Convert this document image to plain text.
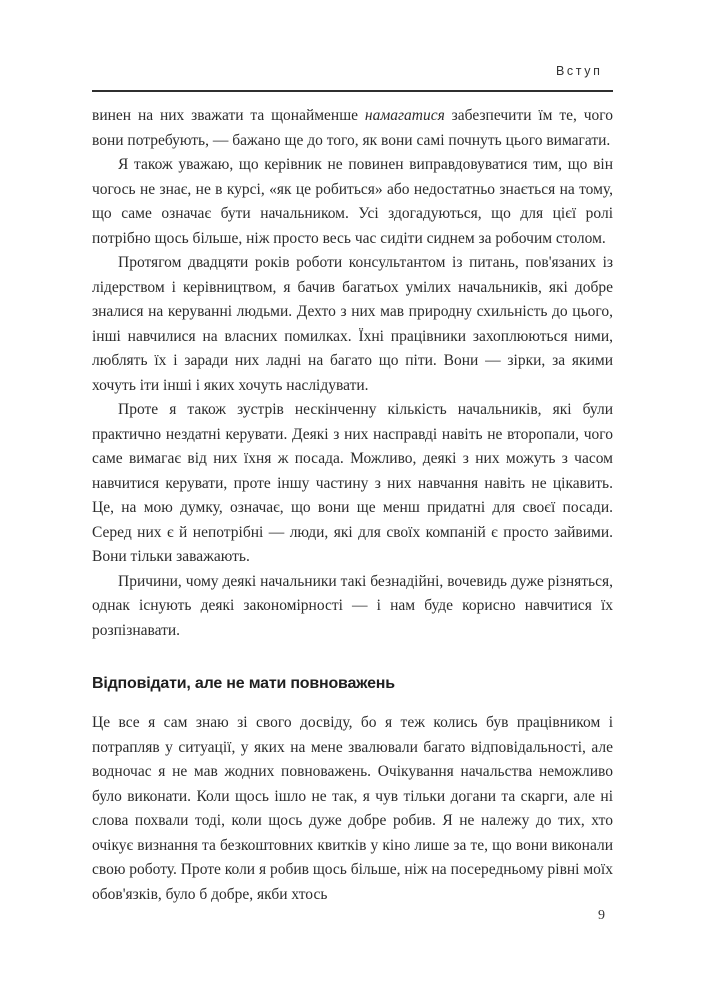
Вступ

винен на них зважати та щонайменше намагатися забезпечити їм те, чого вони потребують, — бажано ще до того, як вони самі почнуть цього вимагати.

Я також уважаю, що керівник не повинен виправдовуватися тим, що він чогось не знає, не в курсі, «як це робиться» або недостатньо знається на тому, що саме означає бути начальником. Усі здогадуються, що для цієї ролі потрібно щось більше, ніж просто весь час сидіти сиднем за робочим столом.

Протягом двадцяти років роботи консультантом із питань, пов'язаних із лідерством і керівництвом, я бачив багатьох умілих начальників, які добре зналися на керуванні людьми. Дехто з них мав природну схильність до цього, інші навчилися на власних помилках. Їхні працівники захоплюються ними, люблять їх і заради них ладні на багато що піти. Вони — зірки, за якими хочуть іти інші і яких хочуть наслідувати.

Проте я також зустрів нескінченну кількість начальників, які були практично нездатні керувати. Деякі з них насправді навіть не второпали, чого саме вимагає від них їхня ж посада. Можливо, деякі з них можуть з часом навчитися керувати, проте іншу частину з них навчання навіть не цікавить. Це, на мою думку, означає, що вони ще менш придатні для своєї посади. Серед них є й непотрібні — люди, які для своїх компаній є просто зайвими. Вони тільки заважають.

Причини, чому деякі начальники такі безнадійні, вочевидь дуже різняться, однак існують деякі закономірності — і нам буде корисно навчитися їх розпізнавати.

Відповідати, але не мати повноважень

Це все я сам знаю зі свого досвіду, бо я теж колись був працівником і потрапляв у ситуації, у яких на мене звалювали багато відповідальності, але водночас я не мав жодних повноважень. Очікування начальства неможливо було виконати. Коли щось ішло не так, я чув тільки догани та скарги, але ні слова похвали тоді, коли щось дуже добре робив. Я не належу до тих, хто очікує визнання та безкоштовних квитків у кіно лише за те, що вони виконали свою роботу. Проте коли я робив щось більше, ніж на посередньому рівні моїх обов'язків, було б добре, якби хтось

9
